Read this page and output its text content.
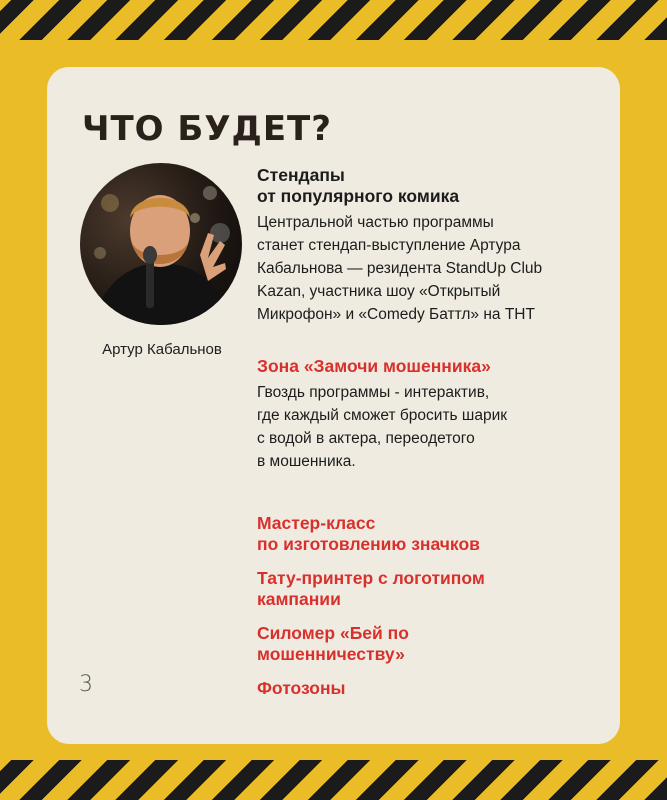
ЧТО БУДЕТ?
Артур Кабальнов

Стендапы
от популярного комика

Центральной частью программы
станет стендап-выступление Артура
Кабальнова — резидента StandUp Club
Kazan, участника шоу «Открытый
Микрофон» и «Comedy Баттл» на ТНТ

Зона «Замочи мошенника»

Гвоздь программы - интерактив,
где каждый сможет бросить шарик
с водой в актера, переодетого
в мошенника.

Мастер-класс
по изготовлению значков

Тату-принтер с логотипом
кампании

Силомер «Бей по
мошенничеству»

Фотозоны

3
